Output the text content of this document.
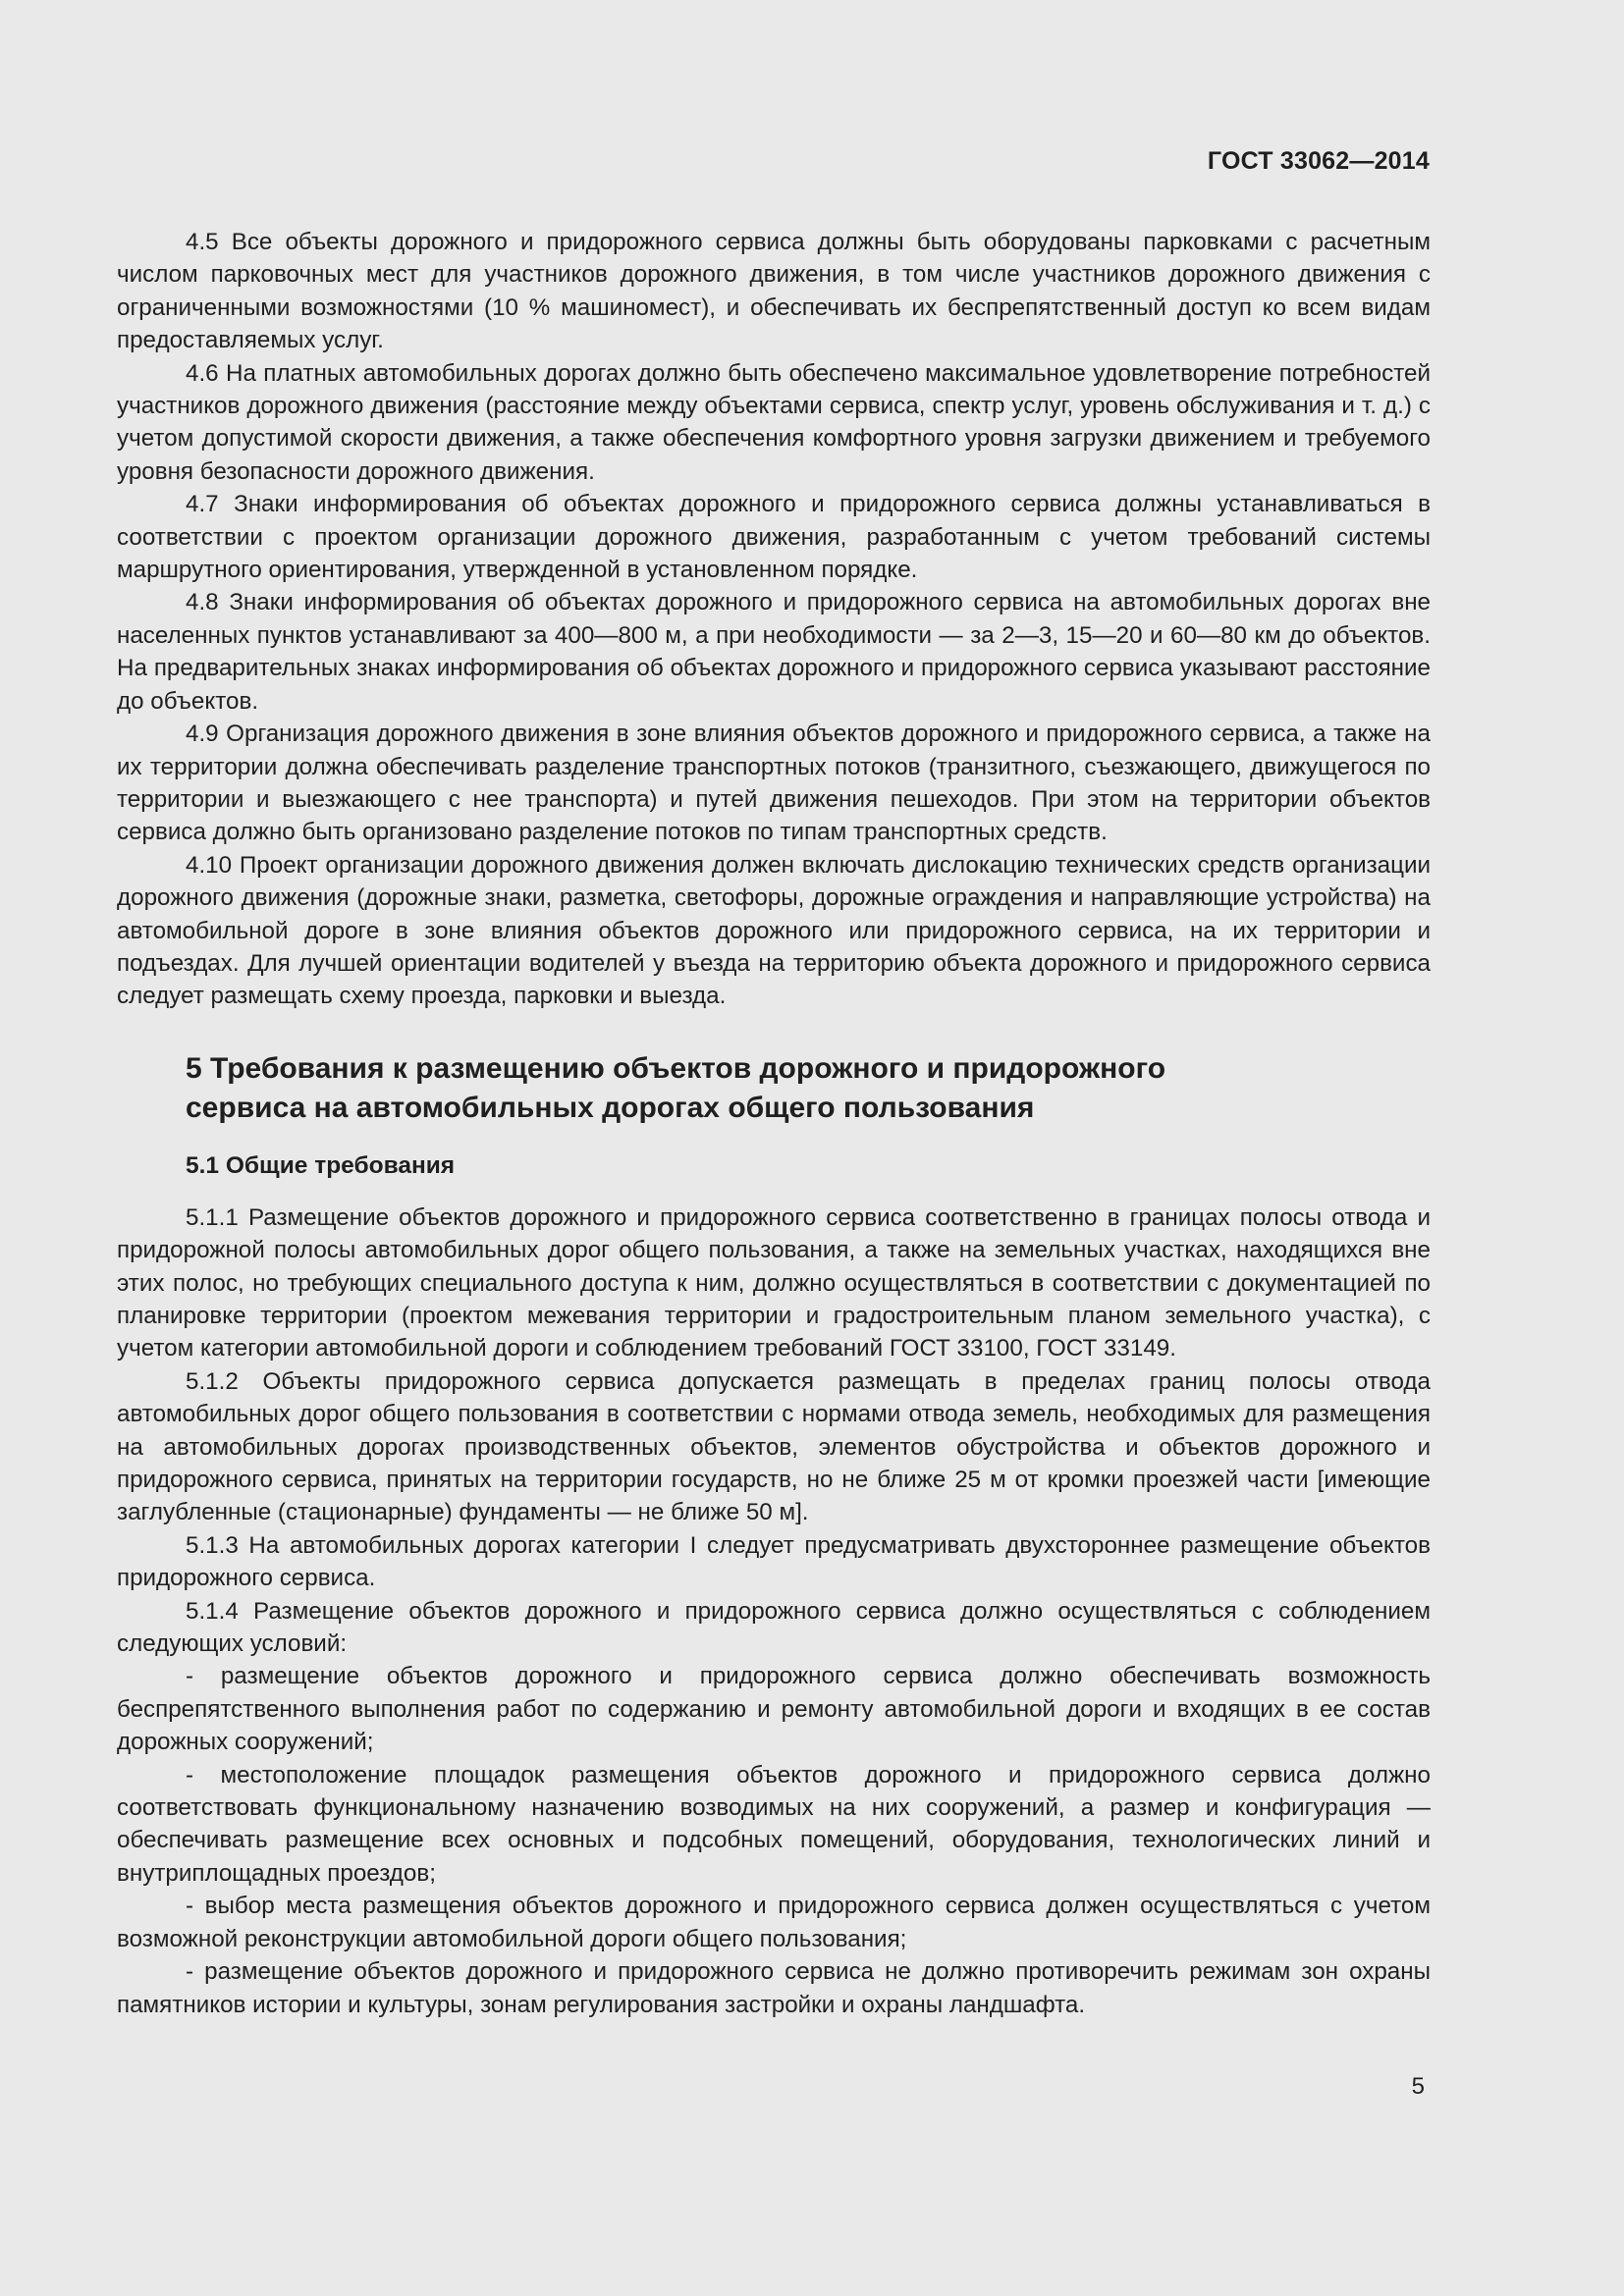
ГОСТ 33062—2014

4.5 Все объекты дорожного и придорожного сервиса должны быть оборудованы парковками с расчетным числом парковочных мест для участников дорожного движения, в том числе участников дорожного движения с ограниченными возможностями (10 % машиномест), и обеспечивать их беспрепятственный доступ ко всем видам предоставляемых услуг.

4.6 На платных автомобильных дорогах должно быть обеспечено максимальное удовлетворение потребностей участников дорожного движения (расстояние между объектами сервиса, спектр услуг, уровень обслуживания и т. д.) с учетом допустимой скорости движения, а также обеспечения комфортного уровня загрузки движением и требуемого уровня безопасности дорожного движения.

4.7 Знаки информирования об объектах дорожного и придорожного сервиса должны устанавливаться в соответствии с проектом организации дорожного движения, разработанным с учетом требований системы маршрутного ориентирования, утвержденной в установленном порядке.

4.8 Знаки информирования об объектах дорожного и придорожного сервиса на автомобильных дорогах вне населенных пунктов устанавливают за 400—800 м, а при необходимости — за 2—3, 15—20 и 60—80 км до объектов. На предварительных знаках информирования об объектах дорожного и придорожного сервиса указывают расстояние до объектов.

4.9 Организация дорожного движения в зоне влияния объектов дорожного и придорожного сервиса, а также на их территории должна обеспечивать разделение транспортных потоков (транзитного, съезжающего, движущегося по территории и выезжающего с нее транспорта) и путей движения пешеходов. При этом на территории объектов сервиса должно быть организовано разделение потоков по типам транспортных средств.

4.10 Проект организации дорожного движения должен включать дислокацию технических средств организации дорожного движения (дорожные знаки, разметка, светофоры, дорожные ограждения и направляющие устройства) на автомобильной дороге в зоне влияния объектов дорожного или придорожного сервиса, на их территории и подъездах. Для лучшей ориентации водителей у въезда на территорию объекта дорожного и придорожного сервиса следует размещать схему проезда, парковки и выезда.

5 Требования к размещению объектов дорожного и придорожного сервиса на автомобильных дорогах общего пользования
5.1 Общие требования

5.1.1 Размещение объектов дорожного и придорожного сервиса соответственно в границах полосы отвода и придорожной полосы автомобильных дорог общего пользования, а также на земельных участках, находящихся вне этих полос, но требующих специального доступа к ним, должно осуществляться в соответствии с документацией по планировке территории (проектом межевания территории и градостроительным планом земельного участка), с учетом категории автомобильной дороги и соблюдением требований ГОСТ 33100, ГОСТ 33149.

5.1.2 Объекты придорожного сервиса допускается размещать в пределах границ полосы отвода автомобильных дорог общего пользования в соответствии с нормами отвода земель, необходимых для размещения на автомобильных дорогах производственных объектов, элементов обустройства и объектов дорожного и придорожного сервиса, принятых на территории государств, но не ближе 25 м от кромки проезжей части [имеющие заглубленные (стационарные) фундаменты — не ближе 50 м].

5.1.3 На автомобильных дорогах категории I следует предусматривать двухстороннее размещение объектов придорожного сервиса.

5.1.4 Размещение объектов дорожного и придорожного сервиса должно осуществляться с соблюдением следующих условий:

- размещение объектов дорожного и придорожного сервиса должно обеспечивать возможность беспрепятственного выполнения работ по содержанию и ремонту автомобильной дороги и входящих в ее состав дорожных сооружений;

- местоположение площадок размещения объектов дорожного и придорожного сервиса должно соответствовать функциональному назначению возводимых на них сооружений, а размер и конфигурация — обеспечивать размещение всех основных и подсобных помещений, оборудования, технологических линий и внутриплощадных проездов;

- выбор места размещения объектов дорожного и придорожного сервиса должен осуществляться с учетом возможной реконструкции автомобильной дороги общего пользования;

- размещение объектов дорожного и придорожного сервиса не должно противоречить режимам зон охраны памятников истории и культуры, зонам регулирования застройки и охраны ландшафта.

5
